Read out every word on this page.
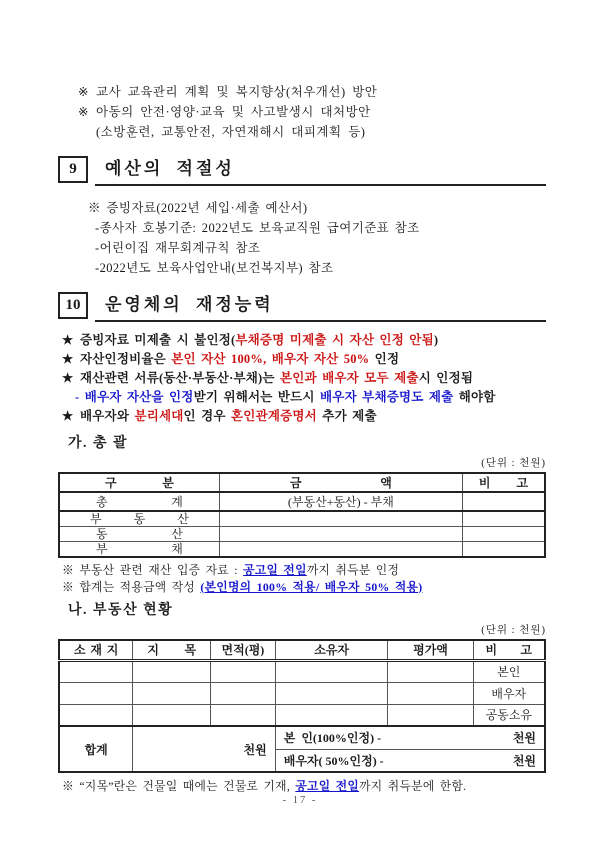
※ 교사 교육관리 계획 및 복지향상(처우개선) 방안
※ 아동의 안전·영양·교육 및 사고발생시 대처방안
(소방훈련, 교통안전, 자연재해시 대피계획 등)
9	예산의 적절성
※ 증빙자료(2022년 세입·세출 예산서)
-종사자 호봉기준: 2022년도 보육교직원 급여기준표 참조
-어린이집 재무회계규칙 참조
-2022년도 보육사업안내(보건복지부) 참조
10	운영체의 재정능력
★ 증빙자료 미제출 시 불인정(부채증명 미제출 시 자산 인정 안됨)
★ 자산인정비율은 본인 자산 100%, 배우자 자산 50% 인정
★ 재산관련 서류(동산·부동산·부채)는 본인과 배우자 모두 제출시 인정됨
- 배우자 자산을 인정받기 위해서는 반드시 배우자 부채증명도 제출 해야함
★ 배우자와 분리세대인 경우 혼인관계증명서 추가 제출
가. 총 괄
(단위 : 천원)
구 분	금 액	비 고
총 계	(부동산+동산) - 부채	
부 동 산		
동 산		
부 채		
※ 부동산 관련 재산 입증 자료 : 공고일 전일까지 취득분 인정
※ 합계는 적용금액 작성 (본인명의 100% 적용/ 배우자 50% 적용)
나. 부동산 현황
(단위 : 천원)
소 재 지	지 목	면적(평)	소유자	평가액	비 고
					본인
					배우자
					공동소유
합계	천원		본  인(100%인정) - 천원		

			배우자( 50%인정) - 천원		
※ “지목”란은 건물일 때에는 건물로 기재, 공고일 전일까지 취득분에 한함.
- 17 -
